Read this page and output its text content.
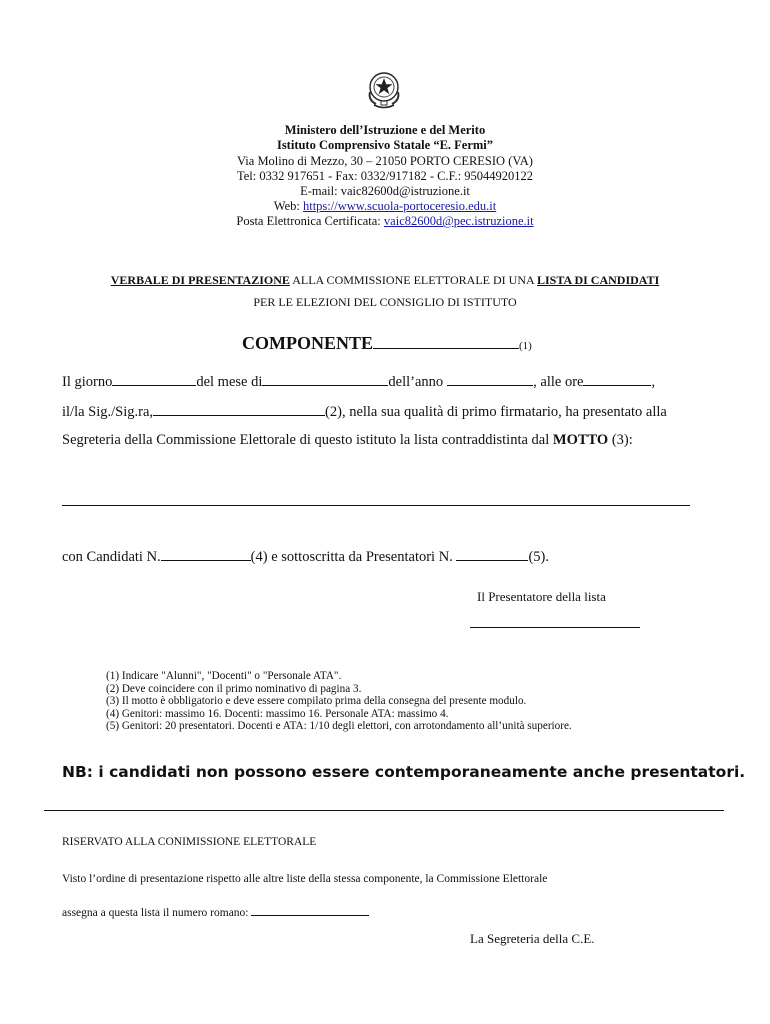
Ministero dell’Istruzione e del Merito
Istituto Comprensivo Statale “E. Fermi”
Via Molino di Mezzo, 30 – 21050 PORTO CERESIO (VA)
Tel: 0332 917651 - Fax: 0332/917182 - C.F.: 95044920122
E-mail: vaic82600d@istruzione.it
Web: https://www.scuola-portoceresio.edu.it
Posta Elettronica Certificata: vaic82600d@pec.istruzione.it
VERBALE DI PRESENTAZIONE ALLA COMMISSIONE ELETTORALE DI UNA LISTA DI CANDIDATI
PER LE ELEZIONI DEL CONSIGLIO DI ISTITUTO
COMPONENTE	(1)
Il giorno	del mese di	dell’anno	, alle ore	,
il/la Sig./Sig.ra,	(2), nella sua qualità di primo firmatario, ha presentato alla
Segreteria della Commissione Elettorale di questo istituto la lista contraddistinta dal MOTTO (3):
con Candidati N.	(4) e sottoscritta da Presentatori N.	(5).
Il Presentatore della lista
(1) Indicare "Alunni", "Docenti" o "Personale ATA".
(2) Deve coincidere con il primo nominativo di pagina 3.
(3) Il motto è obbligatorio e deve essere compilato prima della consegna del presente modulo.
(4) Genitori: massimo 16. Docenti: massimo 16. Personale ATA: massimo 4.
(5) Genitori: 20 presentatori. Docenti e ATA: 1/10 degli elettori, con arrotondamento all’unità superiore.
NB: i candidati non possono essere contemporaneamente anche presentatori.
RISERVATO ALLA CONIMISSIONE ELETTORALE
Visto l’ordine di presentazione rispetto alle altre liste della stessa componente, la Commissione Elettorale
assegna a questa lista il numero romano:
La Segreteria della C.E.
